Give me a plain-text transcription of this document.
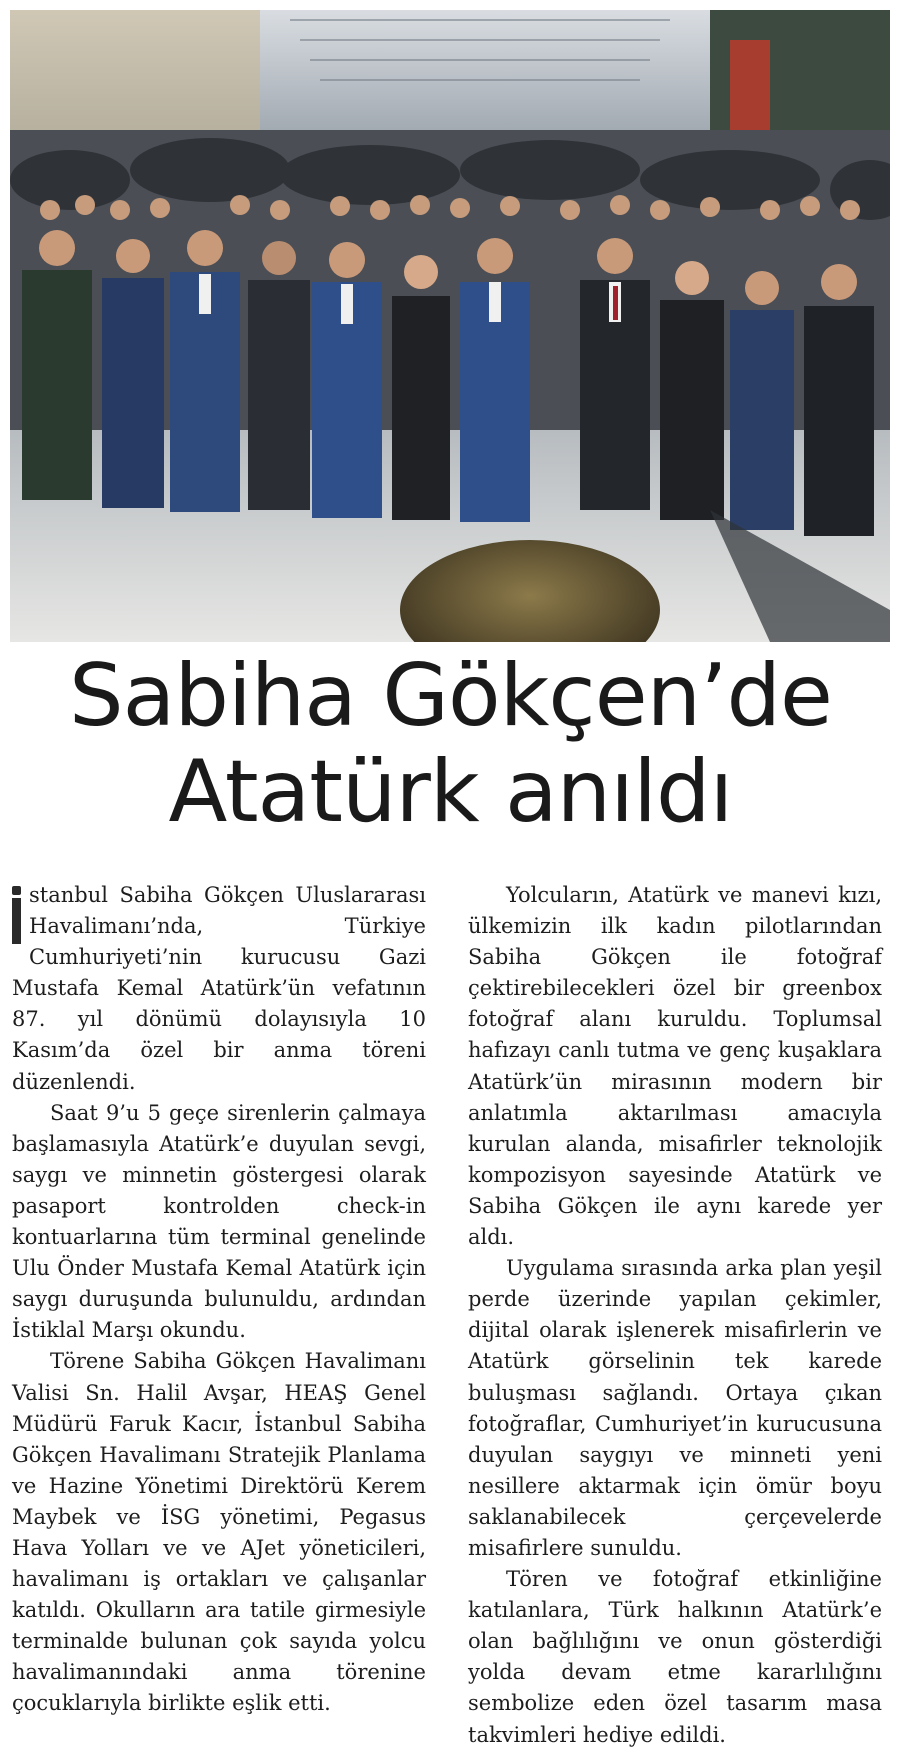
Sabiha Gökçen’de
Atatürk anıldı

stanbul Sabiha Gökçen Uluslararası Havalimanı’nda, Türkiye Cumhuriyeti’nin kurucusu Gazi Mustafa Kemal Atatürk’ün vefatının 87. yıl dönümü dolayısıyla 10 Kasım’da özel bir anma töreni düzenlendi.

Saat 9’u 5 geçe sirenlerin çalmaya başlamasıyla Atatürk’e duyulan sevgi, saygı ve minnetin göstergesi olarak pasaport kontrolden check-in kontuarlarına tüm terminal genelinde Ulu Önder Mustafa Kemal Atatürk için saygı duruşunda bulunuldu, ardından İstiklal Marşı okundu.

Törene Sabiha Gökçen Havalimanı Valisi Sn. Halil Avşar, HEAŞ Genel Müdürü Faruk Kacır, İstanbul Sabiha Gökçen Havalimanı Stratejik Planlama ve Hazine Yönetimi Direktörü Kerem Maybek ve İSG yönetimi, Pegasus Hava Yolları ve ve AJet yöneticileri, havalimanı iş ortakları ve çalışanlar katıldı. Okulların ara tatile girmesiyle terminalde bulunan çok sayıda yolcu havalimanındaki anma törenine çocuklarıyla birlikte eşlik etti.

Yolcuların, Atatürk ve manevi kızı, ülkemizin ilk kadın pilotlarından Sabiha Gökçen ile fotoğraf çektirebilecekleri özel bir greenbox fotoğraf alanı kuruldu. Toplumsal hafızayı canlı tutma ve genç kuşaklara Atatürk’ün mirasının modern bir anlatımla aktarılması amacıyla kurulan alanda, misafirler teknolojik kompozisyon sayesinde Atatürk ve Sabiha Gökçen ile aynı karede yer aldı.

Uygulama sırasında arka plan yeşil perde üzerinde yapılan çekimler, dijital olarak işlenerek misafirlerin ve Atatürk görselinin tek karede buluşması sağlandı. Ortaya çıkan fotoğraflar, Cumhuriyet’in kurucusuna duyulan saygıyı ve minneti yeni nesillere aktarmak için ömür boyu saklanabilecek çerçevelerde misafirlere sunuldu.

Tören ve fotoğraf etkinliğine katılanlara, Türk halkının Atatürk’e olan bağlılığını ve onun gösterdiği yolda devam etme kararlılığını sembolize eden özel tasarım masa takvimleri hediye edildi.
